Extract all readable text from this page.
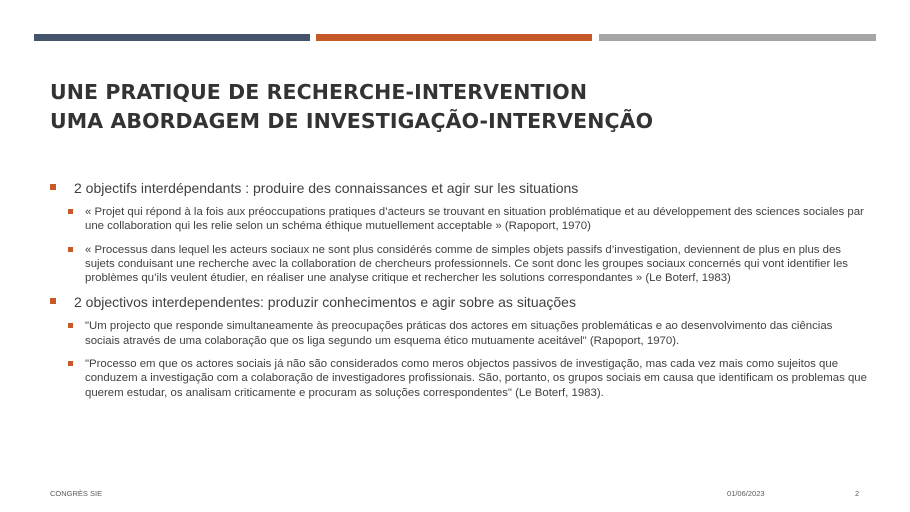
UNE PRATIQUE DE RECHERCHE-INTERVENTION
UMA ABORDAGEM DE INVESTIGAÇÃO-INTERVENÇÃO
2 objectifs interdépendants : produire des connaissances et agir sur les situations
« Projet qui répond à la fois aux préoccupations pratiques d’acteurs se trouvant en situation problématique et au développement des sciences sociales par une collaboration qui les relie selon un schéma éthique mutuellement acceptable » (Rapoport, 1970)
« Processus dans lequel les acteurs sociaux ne sont plus considérés comme de simples objets passifs d’investigation, deviennent de plus en plus des sujets conduisant une recherche avec la collaboration de chercheurs professionnels. Ce sont donc les groupes sociaux concernés qui vont identifier les problèmes qu’ils veulent étudier, en réaliser une analyse critique et rechercher les solutions correspondantes » (Le Boterf, 1983)
2 objectivos interdependentes: produzir conhecimentos e agir sobre as situações
"Um projecto que responde simultaneamente às preocupações práticas dos actores em situações problemáticas e ao desenvolvimento das ciências sociais através de uma colaboração que os liga segundo um esquema ético mutuamente aceitável" (Rapoport, 1970).
"Processo em que os actores sociais já não são considerados como meros objectos passivos de investigação, mas cada vez mais como sujeitos que conduzem a investigação com a colaboração de investigadores profissionais. São, portanto, os grupos sociais em causa que identificam os problemas que querem estudar, os analisam criticamente e procuram as soluções correspondentes" (Le Boterf, 1983).
CONGRÈS SIE	01/06/2023	2
